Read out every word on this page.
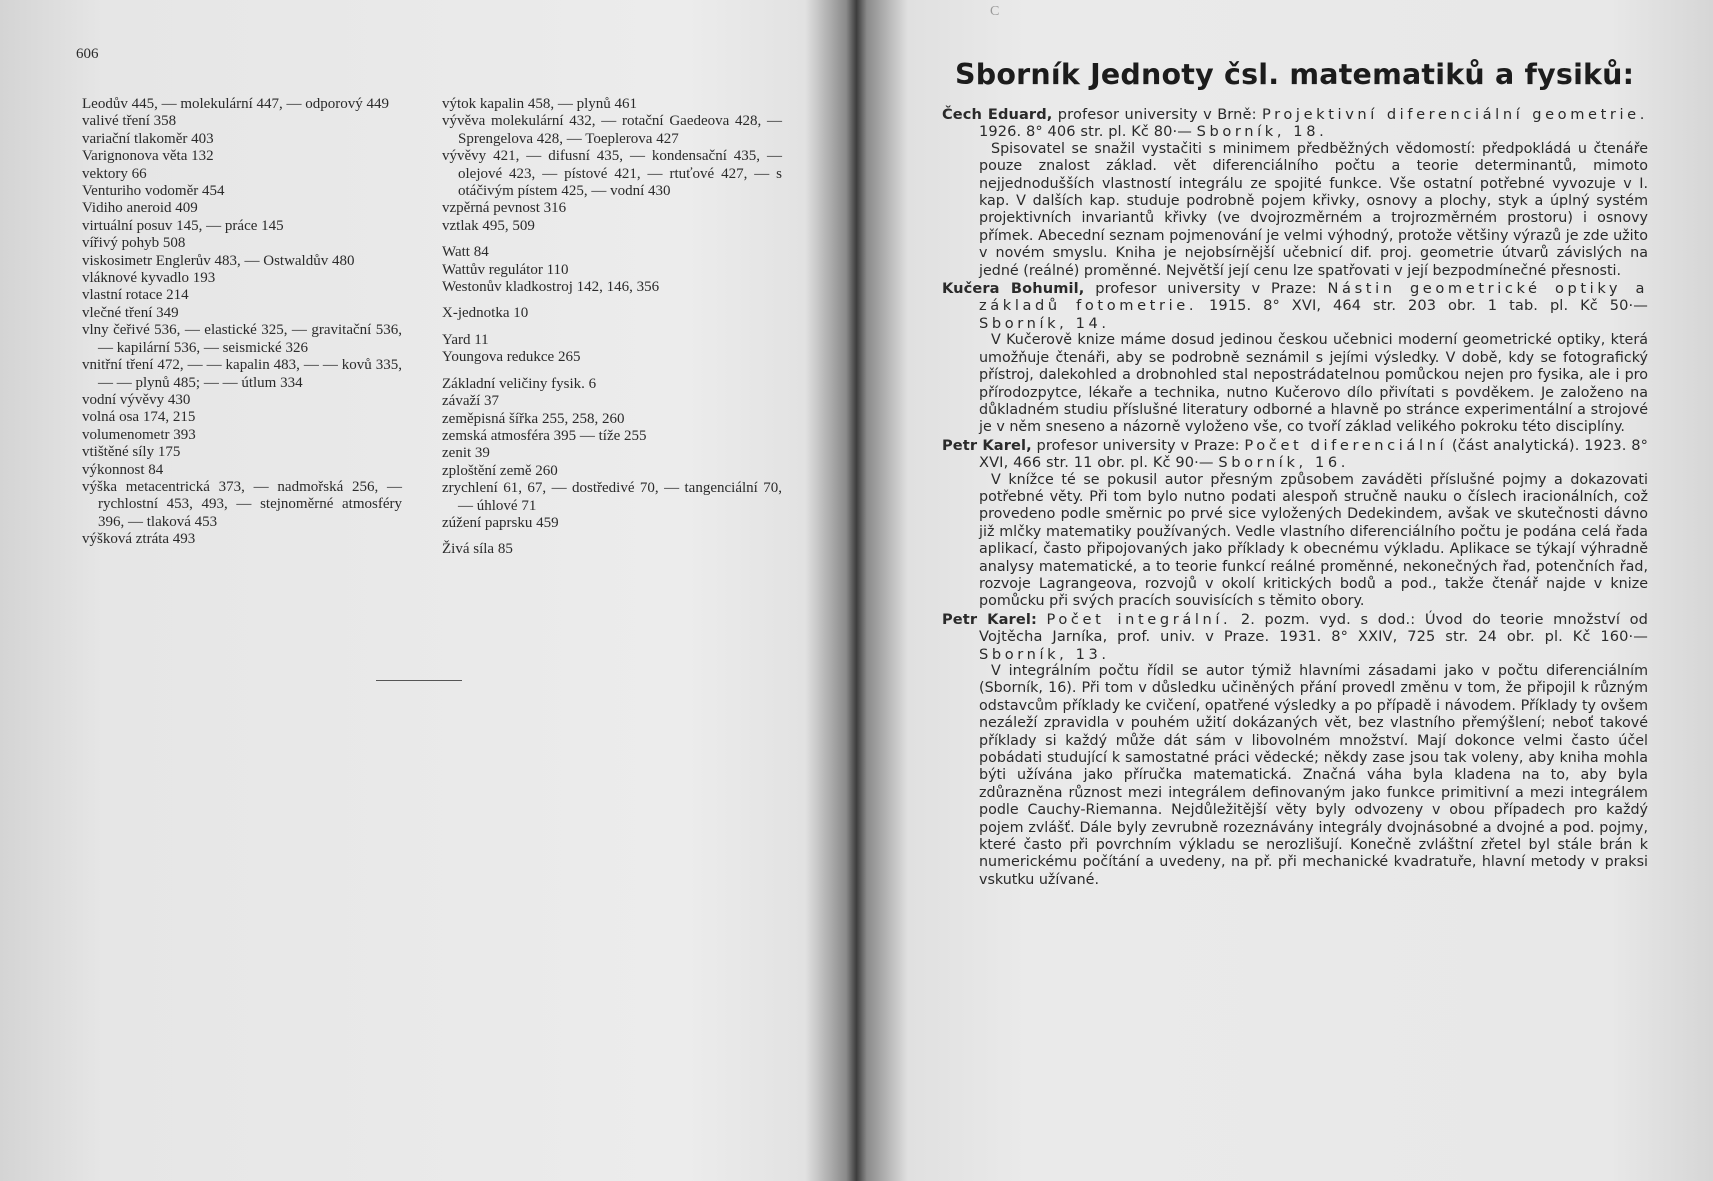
606

Leodův 445, — molekulární 447, — odporový 449

valivé tření 358

variační tlakoměr 403

Varignonova věta 132

vektory 66

Venturiho vodoměr 454

Vidiho aneroid 409

virtuální posuv 145, — práce 145

vířivý pohyb 508

viskosimetr Englerův 483, — Ostwaldův 480

vláknové kyvadlo 193

vlastní rotace 214

vlečné tření 349

vlny čeřivé 536, — elastické 325, — gravitační 536, — kapilární 536, — seismické 326

vnitřní tření 472, — — kapalin 483, — — kovů 335, — — plynů 485; — — útlum 334

vodní vývěvy 430

volná osa 174, 215

volumenometr 393

vtištěné síly 175

výkonnost 84

výška metacentrická 373, — nadmořská 256, — rychlostní 453, 493, — stejnoměrné atmosféry 396, — tlaková 453

výšková ztráta 493

výtok kapalin 458, — plynů 461

vývěva molekulární 432, — rotační Gaedeova 428, — Sprengelova 428, — Toeplerova 427

vývěvy 421, — difusní 435, — kondensační 435, — olejové 423, — pístové 421, — rtuťové 427, — s otáčivým pístem 425, — vodní 430

vzpěrná pevnost 316

vztlak 495, 509

Watt 84

Wattův regulátor 110

Westonův kladkostroj 142, 146, 356

X-jednotka 10

Yard 11

Youngova redukce 265

Základní veličiny fysik. 6

závaží 37

zeměpisná šířka 255, 258, 260

zemská atmosféra 395 — tíže 255

zenit 39

zploštění země 260

zrychlení 61, 67, — dostředivé 70, — tangenciální 70, — úhlové 71

zúžení paprsku 459

Živá síla 85

C
Sborník Jednoty čsl. matematiků a fysiků:

Čech Eduard, profesor university v Brně: Projektivní diferenciální geometrie. 1926. 8° 406 str. pl. Kč 80·— Sborník, 18.

Spisovatel se snažil vystačiti s minimem předběžných vědomostí: předpokládá u čtenáře pouze znalost základ. vět diferenciálního počtu a teorie determinantů, mimoto nejjednodušších vlastností integrálu ze spojité funkce. Vše ostatní potřebné vyvozuje v I. kap. V dalších kap. studuje podrobně pojem křivky, osnovy a plochy, styk a úplný systém projektivních invariantů křivky (ve dvojrozměrném a trojrozměrném prostoru) i osnovy přímek. Abecední seznam pojmenování je velmi výhodný, protože většiny výrazů je zde užito v novém smyslu. Kniha je nejobsírnější učebnicí dif. proj. geometrie útvarů závislých na jedné (reálné) proměnné. Největší její cenu lze spatřovati v její bezpodmínečné přesnosti.

Kučera Bohumil, profesor university v Praze: Nástin geometrické optiky a základů fotometrie. 1915. 8° XVI, 464 str. 203 obr. 1 tab. pl. Kč 50·— Sborník, 14.

V Kučerově knize máme dosud jedinou českou učebnici moderní geometrické optiky, která umožňuje čtenáři, aby se podrobně seznámil s jejími výsledky. V době, kdy se fotografický přístroj, dalekohled a drobnohled stal nepostrádatelnou pomůckou nejen pro fysika, ale i pro přírodozpytce, lékaře a technika, nutno Kučerovo dílo přivítati s povděkem. Je založeno na důkladném studiu příslušné literatury odborné a hlavně po stránce experimentální a strojové je v něm sneseno a názorně vyloženo vše, co tvoří základ velikého pokroku této disciplíny.

Petr Karel, profesor university v Praze: Počet diferenciální (část analytická). 1923. 8° XVI, 466 str. 11 obr. pl. Kč 90·— Sborník, 16.

V knížce té se pokusil autor přesným způsobem zaváděti příslušné pojmy a dokazovati potřebné věty. Při tom bylo nutno podati alespoň stručně nauku o číslech iracionálních, což provedeno podle směrnic po prvé sice vyložených Dedekindem, avšak ve skutečnosti dávno již mlčky matematiky používaných. Vedle vlastního diferenciálního počtu je podána celá řada aplikací, často připojovaných jako příklady k obecnému výkladu. Aplikace se týkají výhradně analysy matematické, a to teorie funkcí reálné proměnné, nekonečných řad, potenčních řad, rozvoje Lagrangeova, rozvojů v okolí kritických bodů a pod., takže čtenář najde v knize pomůcku při svých pracích souvisících s těmito obory.

Petr Karel: Počet integrální. 2. pozm. vyd. s dod.: Úvod do teorie množství od Vojtěcha Jarníka, prof. univ. v Praze. 1931. 8° XXIV, 725 str. 24 obr. pl. Kč 160·— Sborník, 13.

V integrálním počtu řídil se autor týmiž hlavními zásadami jako v počtu diferenciálním (Sborník, 16). Při tom v důsledku učiněných přání provedl změnu v tom, že připojil k různým odstavcům příklady ke cvičení, opatřené výsledky a po případě i návodem. Příklady ty ovšem nezáleží zpravidla v pouhém užití dokázaných vět, bez vlastního přemýšlení; neboť takové příklady si každý může dát sám v libovolném množství. Mají dokonce velmi často účel pobádati studující k samostatné práci vědecké; někdy zase jsou tak voleny, aby kniha mohla býti užívána jako příručka matematická. Značná váha byla kladena na to, aby byla zdůrazněna různost mezi integrálem definovaným jako funkce primitivní a mezi integrálem podle Cauchy-Riemanna. Nejdůležitější věty byly odvozeny v obou případech pro každý pojem zvlášť. Dále byly zevrubně rozeznávány integrály dvojnásobné a dvojné a pod. pojmy, které často při povrchním výkladu se nerozlišují. Konečně zvláštní zřetel byl stále brán k numerickému počítání a uvedeny, na př. při mechanické kvadratuře, hlavní metody v praksi vskutku užívané.
